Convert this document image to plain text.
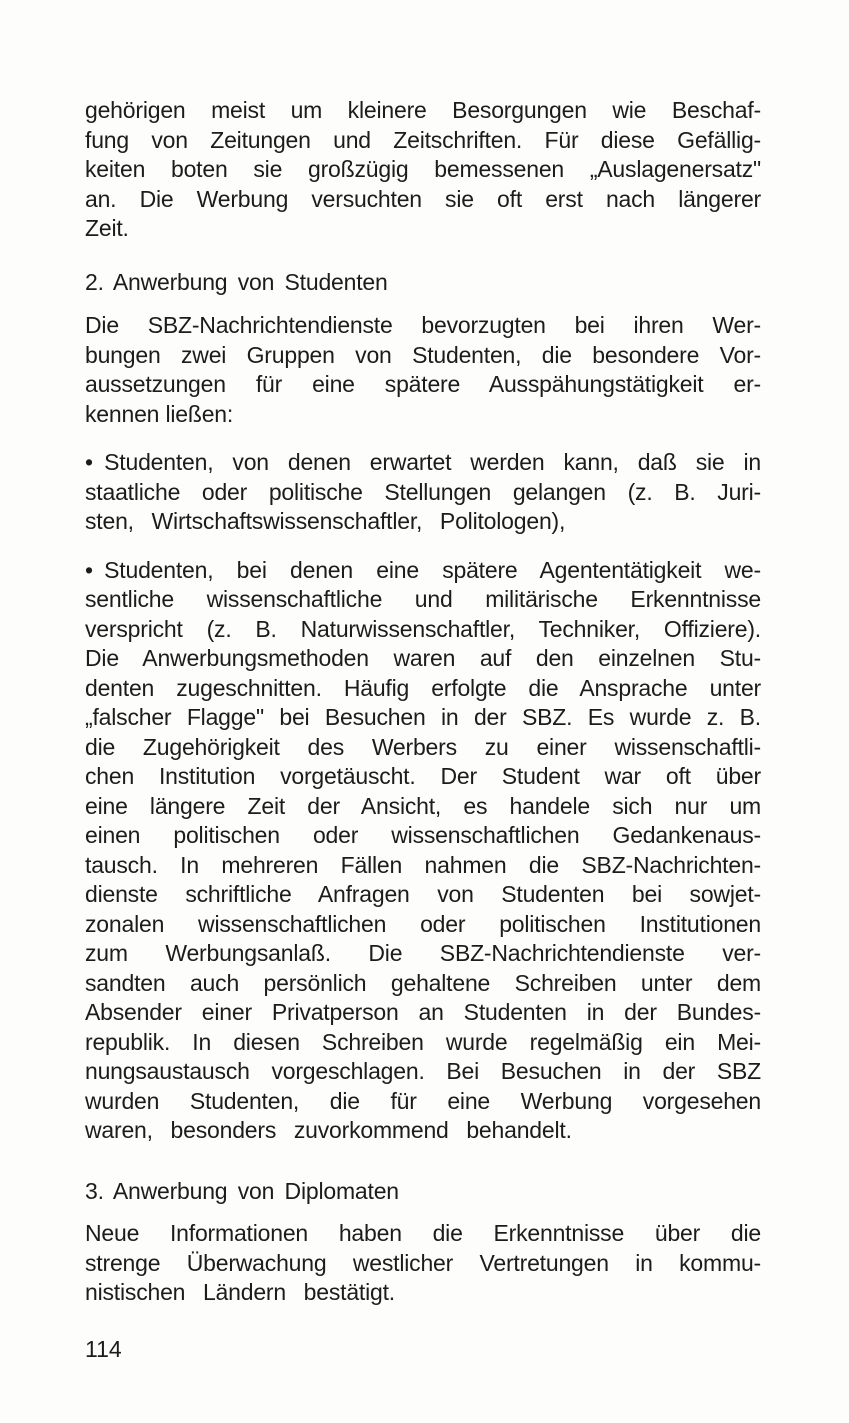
gehörigen meist um kleinere Besorgungen wie Beschaf-
fung von Zeitungen und Zeitschriften. Für diese Gefällig-
keiten boten sie großzügig bemessenen „Auslagenersatz"
an. Die Werbung versuchten sie oft erst nach längerer
Zeit.
2. Anwerbung von Studenten
Die SBZ-Nachrichtendienste bevorzugten bei ihren Wer-
bungen zwei Gruppen von Studenten, die besondere Vor-
aussetzungen für eine spätere Ausspähungstätigkeit er-
kennen ließen:
• Studenten, von denen erwartet werden kann, daß sie in
staatliche oder politische Stellungen gelangen (z. B. Juri-
sten, Wirtschaftswissenschaftler, Politologen),
• Studenten, bei denen eine spätere Agententätigkeit we-
sentliche wissenschaftliche und militärische Erkenntnisse
verspricht (z. B. Naturwissenschaftler, Techniker, Offiziere).
Die Anwerbungsmethoden waren auf den einzelnen Stu-
denten zugeschnitten. Häufig erfolgte die Ansprache unter
„falscher Flagge" bei Besuchen in der SBZ. Es wurde z. B.
die Zugehörigkeit des Werbers zu einer wissenschaftli-
chen Institution vorgetäuscht. Der Student war oft über
eine längere Zeit der Ansicht, es handele sich nur um
einen politischen oder wissenschaftlichen Gedankenaus-
tausch. In mehreren Fällen nahmen die SBZ-Nachrichten-
dienste schriftliche Anfragen von Studenten bei sowjet-
zonalen wissenschaftlichen oder politischen Institutionen
zum Werbungsanlaß. Die SBZ-Nachrichtendienste ver-
sandten auch persönlich gehaltene Schreiben unter dem
Absender einer Privatperson an Studenten in der Bundes-
republik. In diesen Schreiben wurde regelmäßig ein Mei-
nungsaustausch vorgeschlagen. Bei Besuchen in der SBZ
wurden Studenten, die für eine Werbung vorgesehen
waren, besonders zuvorkommend behandelt.
3. Anwerbung von Diplomaten
Neue Informationen haben die Erkenntnisse über die
strenge Überwachung westlicher Vertretungen in kommu-
nistischen Ländern bestätigt.
114
